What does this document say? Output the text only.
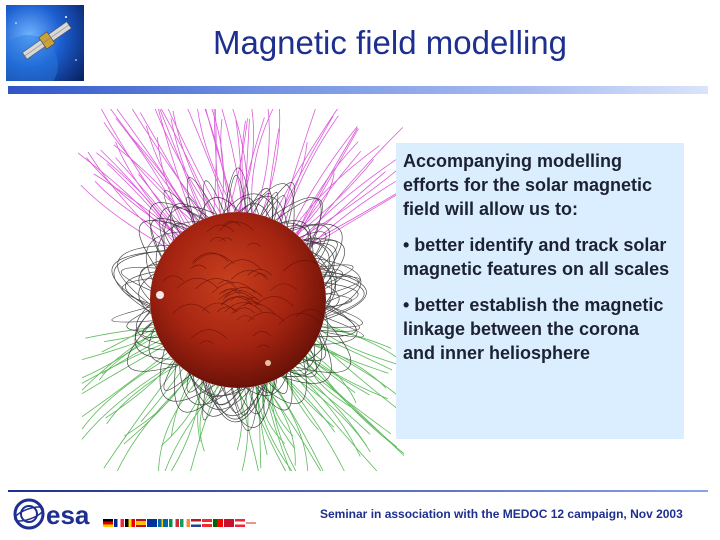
Magnetic field modelling

Accompanying modelling efforts for the solar magnetic field will allow us to:

• better identify and track solar magnetic features on all scales

• better establish the magnetic linkage between the corona and inner heliosphere

esa	Seminar in association with the MEDOC 12 campaign, Nov 2003
